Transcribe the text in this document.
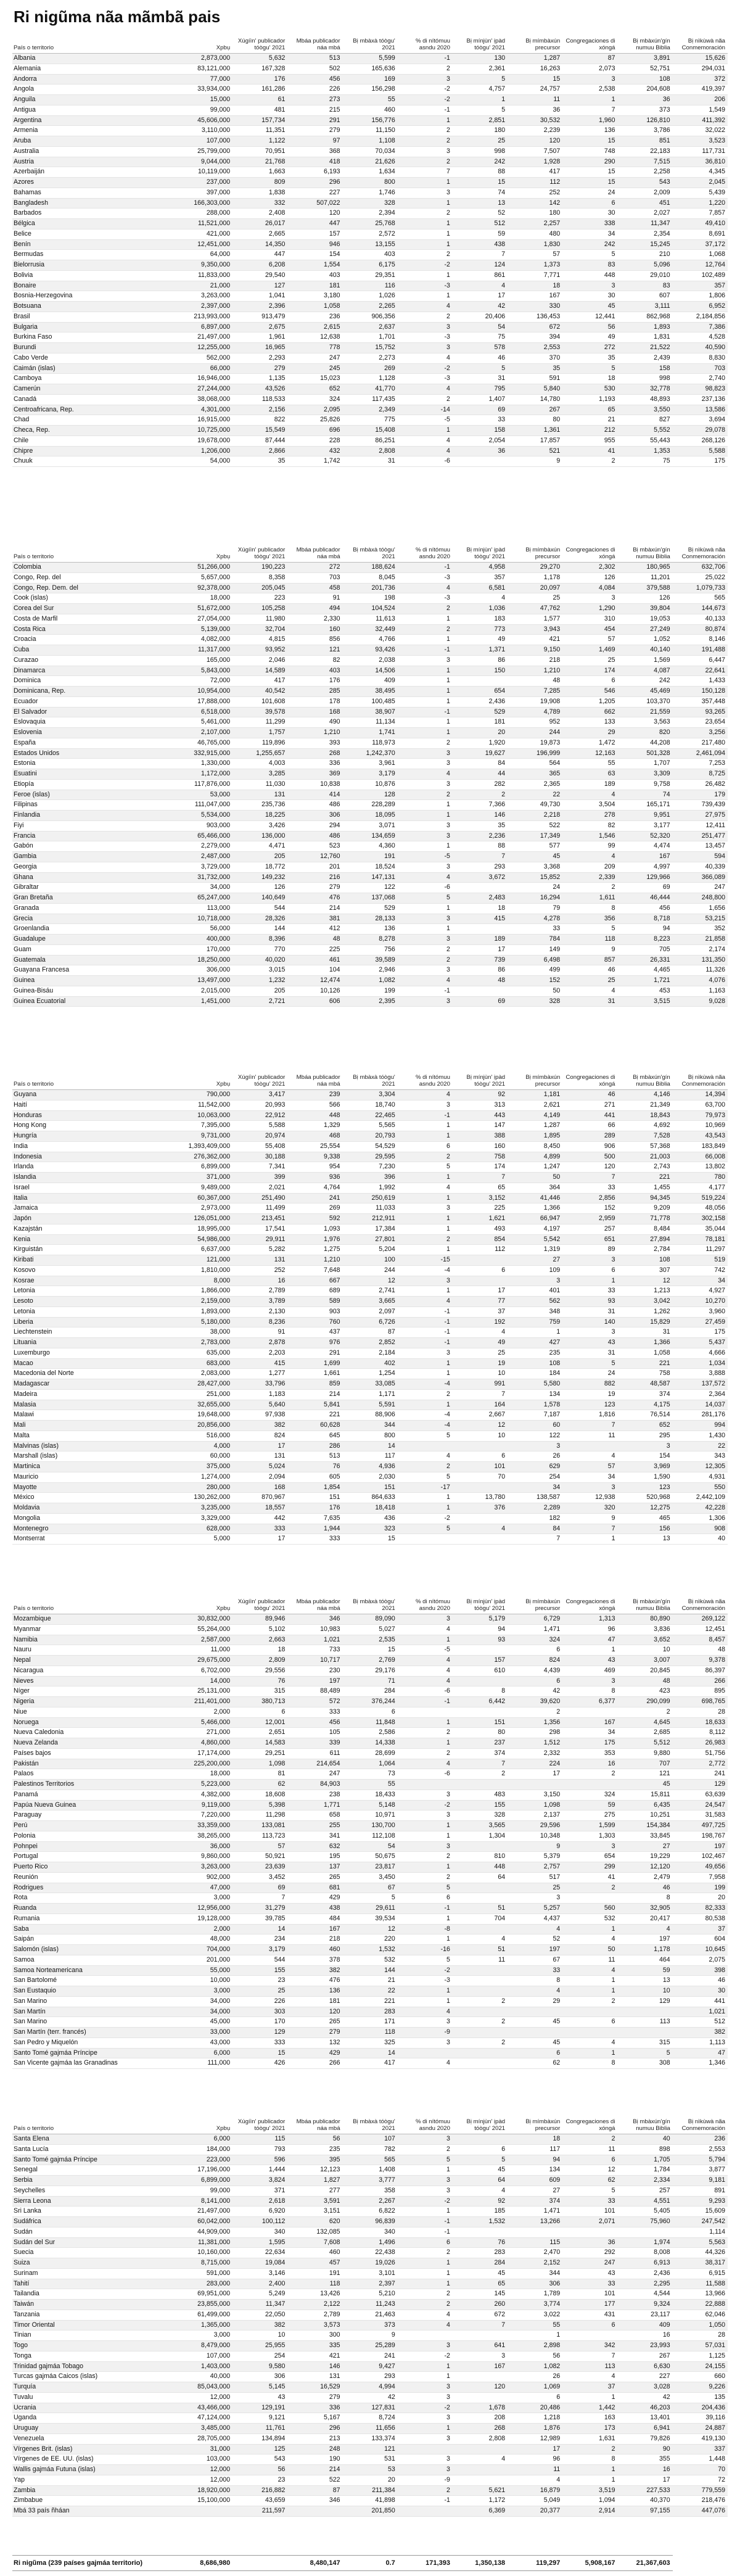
Ri nigũma nãa mãmbã pais
País o territorio	Xpbụ	Xúgíìn' publicador tóògu' 2021	Mbáa publicador náa mbá	Bị mbàxà tóògu' 2021	% di nítómuu asndu 2020	Bị mínjùn' ịpàd tóògu' 2021	Bị mímbàxún precursor	Congregaciones di xóngá	Bị mbàxún'gín numuu Biblia	Bị nìkùwà nãa Conmemoración
Albania	2,873,000	5,632	513	5,599	-1	130	1,287	87	3,891	15,626
Alemania	83,121,000	167,328	502	165,636	2	2,361	16,263	2,073	52,751	294,031
Andorra	77,000	176	456	169	3	5	15	3	108	372
Angola	33,934,000	161,286	226	156,298	-2	4,757	24,757	2,538	204,608	419,397
Anguila	15,000	61	273	55	-2	1	11	1	36	206
Antigua	99,000	481	215	460	-1	5	36	7	373	1,549
Argentina	45,606,000	157,734	291	156,776	1	2,851	30,532	1,960	126,810	411,392
Armenia	3,110,000	11,351	279	11,150	2	180	2,239	136	3,786	32,022
Aruba	107,000	1,122	97	1,108	2	25	120	15	851	3,523
Australia	25,799,000	70,951	368	70,034	3	998	7,507	748	22,183	117,731
Austria	9,044,000	21,768	418	21,626	2	242	1,928	290	7,515	36,810
Azerbaiján	10,119,000	1,663	6,193	1,634	7	88	417	15	2,258	4,345
Azores	237,000	809	296	800	1	15	112	15	543	2,045
Bahamas	397,000	1,838	227	1,746	3	74	252	24	2,009	5,439
Bangladesh	166,303,000	332	507,022	328	1	13	142	6	451	1,220
Barbados	288,000	2,408	120	2,394	2	52	180	30	2,027	7,857
Bélgica	11,521,000	26,017	447	25,768	1	512	2,257	338	11,347	49,410
Belice	421,000	2,665	157	2,572	1	59	480	34	2,354	8,691
Benín	12,451,000	14,350	946	13,155	1	438	1,830	242	15,245	37,172
Bermudas	64,000	447	154	403	2	7	57	5	210	1,068
Bielorrusia	9,350,000	6,208	1,554	6,175	-2	124	1,373	83	5,096	12,764
Bolivia	11,833,000	29,540	403	29,351	1	861	7,771	448	29,010	102,489
Bonaire	21,000	127	181	116	-3	4	18	3	83	357
Bosnia-Herzegovina	3,263,000	1,041	3,180	1,026	1	17	167	30	607	1,806
Botsuana	2,397,000	2,396	1,058	2,265	4	42	330	45	3,111	6,952
Brasil	213,993,000	913,479	236	906,356	2	20,406	136,453	12,441	862,968	2,184,856
Bulgaria	6,897,000	2,675	2,615	2,637	3	54	672	56	1,893	7,386
Burkina Faso	21,497,000	1,961	12,638	1,701	-3	75	394	49	1,831	4,528
Burundi	12,255,000	16,965	778	15,752	3	578	2,553	272	21,522	40,590
Cabo Verde	562,000	2,293	247	2,273	4	46	370	35	2,439	8,830
Caimán (islas)	66,000	279	245	269	-2	5	35	5	158	703
Camboya	16,946,000	1,135	15,023	1,128	-3	31	591	18	998	2,740
Camerún	27,244,000	43,526	652	41,770	4	795	5,840	530	32,778	98,823
Canadá	38,068,000	118,533	324	117,435	2	1,407	14,780	1,193	48,893	237,136
Centroafricana, Rep.	4,301,000	2,156	2,095	2,349	-14	69	267	65	3,550	13,586
Chad	16,915,000	822	25,826	775	-5	33	80	21	827	3,694
Checa, Rep.	10,725,000	15,549	696	15,408	1	158	1,361	212	5,552	29,078
Chile	19,678,000	87,444	228	86,251	4	2,054	17,857	955	55,443	268,126
Chipre	1,206,000	2,866	432	2,808	4	36	521	41	1,353	5,588
Chuuk	54,000	35	1,742	31	-6		9	2	75	175
País o territorio	Xpbụ	Xúgíìn' publicador tóògu' 2021	Mbáa publicador náa mbá	Bị mbàxà tóògu' 2021	% di nítómuu asndu 2020	Bị mínjùn' ịpàd tóògu' 2021	Bị mímbàxún precursor	Congregaciones di xóngá	Bị mbàxún'gín numuu Biblia	Bị nìkùwà nãa Conmemoración
Colombia	51,266,000	190,223	272	188,624	-1	4,958	29,270	2,302	180,965	632,706
Congo, Rep. del	5,657,000	8,358	703	8,045	-3	357	1,178	126	11,201	25,022
Congo, Rep. Dem. del	92,378,000	205,045	458	201,736	4	6,581	20,097	4,084	379,588	1,079,733
Cook (islas)	18,000	223	91	198	-3	4	25	3	126	565
Corea del Sur	51,672,000	105,258	494	104,524	2	1,036	47,762	1,290	39,804	144,673
Costa de Marfil	27,054,000	11,980	2,330	11,613	1	183	1,577	310	19,053	40,133
Costa Rica	5,139,000	32,704	160	32,449	2	773	3,943	454	27,249	80,874
Croacia	4,082,000	4,815	856	4,766	1	49	421	57	1,052	8,146
Cuba	11,317,000	93,952	121	93,426	-1	1,371	9,150	1,469	40,140	191,488
Curazao	165,000	2,046	82	2,038	3	86	218	25	1,569	6,447
Dinamarca	5,843,000	14,589	403	14,506	1	150	1,210	174	4,087	22,641
Dominica	72,000	417	176	409	1		48	6	242	1,433
Dominicana, Rep.	10,954,000	40,542	285	38,495	1	654	7,285	546	45,469	150,128
Ecuador	17,888,000	101,608	178	100,485	1	2,436	19,908	1,205	103,370	357,448
El Salvador	6,518,000	39,578	168	38,907	-1	529	4,789	662	21,559	93,265
Eslovaquia	5,461,000	11,299	490	11,134	1	181	952	133	3,563	23,654
Eslovenia	2,107,000	1,757	1,210	1,741	1	20	244	29	820	3,256
España	46,765,000	119,896	393	118,973	2	1,920	19,873	1,472	44,208	217,480
Estados Unidos	332,915,000	1,255,657	268	1,242,370	3	19,627	196,999	12,163	501,328	2,461,094
Estonia	1,330,000	4,003	336	3,961	3	84	564	55	1,707	7,253
Esuatini	1,172,000	3,285	369	3,179	4	44	365	63	3,309	8,725
Etiopía	117,876,000	11,030	10,838	10,876	3	282	2,365	189	9,758	26,482
Feroe (islas)	53,000	131	414	128	2	2	22	4	74	179
Filipinas	111,047,000	235,736	486	228,289	1	7,366	49,730	3,504	165,171	739,439
Finlandia	5,534,000	18,225	306	18,095	1	146	2,218	278	9,951	27,975
Fiyi	903,000	3,426	294	3,071	3	35	522	82	3,177	12,411
Francia	65,466,000	136,000	486	134,659	3	2,236	17,349	1,546	52,320	251,477
Gabón	2,279,000	4,471	523	4,360	1	88	577	99	4,474	13,457
Gambia	2,487,000	205	12,760	191	-5	7	45	4	167	594
Georgia	3,729,000	18,772	201	18,524	3	293	3,368	209	4,997	40,339
Ghana	31,732,000	149,232	216	147,131	4	3,672	15,852	2,339	129,966	366,089
Gibraltar	34,000	126	279	122	-6		24	2	69	247
Gran Bretaña	65,247,000	140,649	476	137,068	5	2,483	16,294	1,611	46,444	248,800
Granada	113,000	544	214	529	1	18	79	8	456	1,656
Grecia	10,718,000	28,326	381	28,133	3	415	4,278	356	8,718	53,215
Groenlandia	56,000	144	412	136	1		33	5	94	352
Guadalupe	400,000	8,396	48	8,278	3	189	784	118	8,223	21,858
Guam	170,000	770	225	756	2	17	149	9	705	2,174
Guatemala	18,250,000	40,020	461	39,589	2	739	6,498	857	26,331	131,350
Guayana Francesa	306,000	3,015	104	2,946	3	86	499	46	4,465	11,326
Guinea	13,497,000	1,232	12,474	1,082	4	48	152	25	1,721	4,076
Guinea-Bisáu	2,015,000	205	10,126	199	-1		50	4	453	1,163
Guinea Ecuatorial	1,451,000	2,721	606	2,395	3	69	328	31	3,515	9,028
País o territorio	Xpbụ	Xúgíìn' publicador tóògu' 2021	Mbáa publicador náa mbá	Bị mbàxà tóògu' 2021	% di nítómuu asndu 2020	Bị mínjùn' ịpàd tóògu' 2021	Bị mímbàxún precursor	Congregaciones di xóngá	Bị mbàxún'gín numuu Biblia	Bị nìkùwà nãa Conmemoración
Guyana	790,000	3,417	239	3,304	4	92	1,181	46	4,146	14,394
Haití	11,542,000	20,993	566	18,740	3	313	2,621	271	21,349	63,700
Honduras	10,063,000	22,912	448	22,465	-1	443	4,149	441	18,843	79,973
Hong Kong	7,395,000	5,588	1,329	5,565	1	147	1,287	66	4,692	10,969
Hungría	9,731,000	20,974	468	20,793	1	388	1,895	289	7,528	43,543
India	1,393,409,000	55,408	25,554	54,529	6	160	8,450	906	57,368	183,849
Indonesia	276,362,000	30,188	9,338	29,595	2	758	4,899	500	21,003	66,008
Irlanda	6,899,000	7,341	954	7,230	5	174	1,247	120	2,743	13,802
Islandia	371,000	399	936	396	1	7	50	7	221	780
Israel	9,489,000	2,021	4,764	1,992	4	65	364	33	1,455	4,177
Italia	60,367,000	251,490	241	250,619	1	3,152	41,446	2,856	94,345	519,224
Jamaica	2,973,000	11,499	269	11,033	3	225	1,366	152	9,209	48,056
Japón	126,051,000	213,451	592	212,911	1	1,621	66,947	2,959	71,778	302,158
Kazajstán	18,995,000	17,541	1,093	17,384	1	493	4,197	257	8,484	35,044
Kenia	54,986,000	29,911	1,976	27,801	2	854	5,542	651	27,894	78,181
Kirguistán	6,637,000	5,282	1,275	5,204	1	112	1,319	89	2,784	11,297
Kiribati	121,000	131	1,210	100	-15		27	3	108	519
Kosovo	1,810,000	252	7,648	244	-4	6	109	6	307	742
Kosrae	8,000	16	667	12	3		3	1	12	34
Letonia	1,866,000	2,789	689	2,741	1	17	401	33	1,213	4,927
Lesoto	2,159,000	3,789	589	3,665	4	77	562	93	3,042	10,270
Letonia	1,893,000	2,130	903	2,097	-1	37	348	31	1,262	3,960
Liberia	5,180,000	8,236	760	6,726	-1	192	759	140	15,829	27,459
Liechtenstein	38,000	91	437	87	-1	4	1	3	31	175
Lituania	2,783,000	2,878	976	2,852	-1	49	427	43	1,366	5,437
Luxemburgo	635,000	2,203	291	2,184	3	25	235	31	1,058	4,666
Macao	683,000	415	1,699	402	1	19	108	5	221	1,034
Macedonia del Norte	2,083,000	1,277	1,661	1,254	1	10	184	24	758	3,888
Madagascar	28,427,000	33,796	859	33,085	-4	991	5,580	882	48,587	137,572
Madeira	251,000	1,183	214	1,171	2	7	134	19	374	2,364
Malasia	32,655,000	5,640	5,841	5,591	1	164	1,578	123	4,175	14,037
Malawi	19,648,000	97,938	221	88,906	-4	2,667	7,187	1,816	76,514	281,176
Mali	20,856,000	382	60,628	344	-4	12	60	7	652	994
Malta	516,000	824	645	800	5	10	122	11	295	1,430
Malvinas (islas)	4,000	17	286	14			3		3	22
Marshall (islas)	60,000	131	513	117	4	6	26	4	154	343
Martinica	375,000	5,024	76	4,936	2	101	629	57	3,969	12,305
Mauricio	1,274,000	2,094	605	2,030	5	70	254	34	1,590	4,931
Mayotte	280,000	168	1,854	151	-17		34	3	123	550
México	130,262,000	870,967	151	864,633	1	13,780	138,587	12,938	520,968	2,442,109
Moldavia	3,235,000	18,557	176	18,418	1	376	2,289	320	12,275	42,228
Mongolia	3,329,000	442	7,635	436	-2		182	9	465	1,306
Montenegro	628,000	333	1,944	323	5	4	84	7	156	908
Montserrat	5,000	17	333	15			7	1	13	40
País o territorio	Xpbụ	Xúgíìn' publicador tóògu' 2021	Mbáa publicador náa mbá	Bị mbàxà tóògu' 2021	% di nítómuu asndu 2020	Bị mínjùn' ịpàd tóògu' 2021	Bị mímbàxún precursor	Congregaciones di xóngá	Bị mbàxún'gín numuu Biblia	Bị nìkùwà nãa Conmemoración
Mozambique	30,832,000	89,946	346	89,090	3	5,179	6,729	1,313	80,890	269,122
Myanmar	55,264,000	5,102	10,983	5,027	4	94	1,471	96	3,836	12,451
Namibia	2,587,000	2,663	1,021	2,535	1	93	324	47	3,652	8,457
Nauru	11,000	18	733	15	-5		6	1	10	48
Nepal	29,675,000	2,809	10,717	2,769	4	157	824	43	3,007	9,378
Nicaragua	6,702,000	29,556	230	29,176	4	610	4,439	469	20,845	86,397
Nieves	14,000	76	197	71	4		6	3	48	266
Níger	25,131,000	315	88,489	284	-6	8	42	8	423	895
Nigeria	211,401,000	380,713	572	376,244	-1	6,442	39,620	6,377	290,099	698,765
Niue	2,000	6	333	6			2		2	28
Noruega	5,466,000	12,001	456	11,848	1	151	1,356	167	4,645	18,633
Nueva Caledonia	271,000	2,651	105	2,586	2	80	298	34	2,685	8,112
Nueva Zelanda	4,860,000	14,583	339	14,338	1	237	1,512	175	5,512	26,983
Países bajos	17,174,000	29,251	611	28,699	2	374	2,332	353	9,880	51,756
Pakistán	225,200,000	1,098	214,654	1,064	4	7	224	16	707	2,772
Palaos	18,000	81	247	73	-6	2	17	2	121	241
Palestinos Territorios	5,223,000	62	84,903	55					45	129
Panamá	4,382,000	18,608	238	18,433	3	483	3,150	324	15,811	63,639
Papúa Nueva Guinea	9,119,000	5,398	1,771	5,148	-2	155	1,098	59	6,435	24,547
Paraguay	7,220,000	11,298	658	10,971	3	328	2,137	275	10,251	31,583
Perú	33,359,000	133,081	255	130,700	1	3,565	29,596	1,599	154,384	497,725
Polonia	38,265,000	113,723	341	112,108	1	1,304	10,348	1,303	33,845	198,767
Pohnpei	36,000	57	632	54	3		9	3	27	197
Portugal	9,860,000	50,921	195	50,675	2	810	5,379	654	19,229	102,467
Puerto Rico	3,263,000	23,639	137	23,817	1	448	2,757	299	12,120	49,656
Reunión	902,000	3,452	265	3,450	2	64	517	41	2,479	7,958
Rodrigues	47,000	69	681	67	5		25	2	46	199
Rota	3,000	7	429	5	6		3		8	20
Ruanda	12,956,000	31,279	438	29,611	-1	51	5,257	560	32,905	82,333
Rumania	19,128,000	39,785	484	39,534	1	704	4,437	532	20,417	80,538
Saba	2,000	14	167	12	-8		4	1	4	37
Saipán	48,000	234	218	220	1	4	52	4	197	604
Salomón (islas)	704,000	3,179	460	1,532	-16	51	197	50	1,178	10,645
Samoa	201,000	544	378	532	5	11	67	11	464	2,075
Samoa Norteamericana	55,000	155	382	144	-2		33	4	59	398
San Bartolomé	10,000	23	476	21	-3		8	1	13	46
San Eustaquio	3,000	25	136	22	1		4	1	10	30
San Marino	34,000	226	181	221	1	2	29	2	129	441
San Martín	34,000	303	120	283	4					1,021
San Marino	45,000	170	265	171	3	2	45	6	113	512
San Martín (terr. francés)	33,000	129	279	118	-9					382
San Pedro y Miquelón	43,000	333	132	325	3	2	45	4	315	1,113
Santo Tomé gajmáa Príncipe	6,000	15	429	14			6	1	5	47
San Vicente gajmáa las Granadinas	111,000	426	266	417	4		62	8	308	1,346
País o territorio	Xpbụ	Xúgíìn' publicador tóògu' 2021	Mbáa publicador náa mbá	Bị mbàxà tóògu' 2021	% di nítómuu asndu 2020	Bị mínjùn' ịpàd tóògu' 2021	Bị mímbàxún precursor	Congregaciones di xóngá	Bị mbàxún'gín numuu Biblia	Bị nìkùwà nãa Conmemoración
Santa Elena	6,000	115	56	107	3		18	2	40	236
Santa Lucía	184,000	793	235	782	2	6	117	11	898	2,553
Santo Tomé gajmáa Príncipe	223,000	596	395	565	5	5	94	6	1,705	5,794
Senegal	17,196,000	1,444	12,123	1,408	1	45	134	12	1,784	3,877
Serbia	6,899,000	3,824	1,827	3,777	3	64	609	62	2,334	9,181
Seychelles	99,000	371	277	358	3	4	27	5	257	891
Sierra Leona	8,141,000	2,618	3,591	2,267	-2	92	374	33	4,551	9,293
Sri Lanka	21,497,000	6,920	3,151	6,822	1	185	1,471	101	5,405	15,609
Sudáfrica	60,042,000	100,112	620	96,839	-1	1,532	13,266	2,071	75,960	247,542
Sudán	44,909,000	340	132,085	340	-1					1,114
Sudán del Sur	11,381,000	1,595	7,608	1,496	6	76	115	36	1,974	5,563
Suecia	10,160,000	22,634	460	22,438	2	283	2,470	292	8,008	44,326
Suiza	8,715,000	19,084	457	19,026	1	284	2,152	247	6,913	38,317
Surinam	591,000	3,146	191	3,101	1	45	344	43	2,436	6,915
Tahití	283,000	2,400	118	2,397	1	65	306	33	2,295	11,588
Tailandia	69,951,000	5,249	13,426	5,210	2	145	1,789	101	4,544	13,966
Taiwán	23,855,000	11,347	2,122	11,243	2	260	3,774	177	9,324	22,888
Tanzania	61,499,000	22,050	2,789	21,463	4	672	3,022	431	23,117	62,046
Timor Oriental	1,365,000	382	3,573	373	4	7	55	6	409	1,050
Tinian	3,000	10	300	9			1		16	28
Togo	8,479,000	25,955	335	25,289	3	641	2,898	342	23,993	57,031
Tonga	107,000	254	421	241	-2	3	56	7	267	1,125
Trinidad gajmáa Tobago	1,403,000	9,580	146	9,427	1	167	1,082	113	6,630	24,155
Turcas gajmáa Caicos (islas)	40,000	306	131	293	1		26	4	227	660
Turquía	85,043,000	5,145	16,529	4,994	3	120	1,069	37	3,028	9,226
Tuvalu	12,000	43	279	42	3		6	1	42	135
Ucrania	43,466,000	129,191	336	127,831	-2	1,678	20,486	1,442	46,203	204,436
Uganda	47,124,000	9,121	5,167	8,724	3	208	1,218	163	13,401	39,116
Uruguay	3,485,000	11,761	296	11,656	1	268	1,876	173	6,941	24,887
Venezuela	28,705,000	134,894	213	133,374	3	2,808	12,989	1,631	79,826	419,130
Vírgenes Brit. (islas)	31,000	125	248	121			17	2	90	337
Vírgenes de EE. UU. (islas)	103,000	543	190	531	3	4	96	8	355	1,448
Wallis gajmáa Futuna (islas)	12,000	56	214	53	3		11	1	16	70
Yap	12,000	23	522	20	-9		4	1	17	72
Zambia	18,920,000	216,882	87	211,384	2	5,621	16,879	3,519	227,533	779,559
Zimbabue	15,100,000	43,659	346	41,898	-1	1,172	5,049	1,094	40,370	218,476
Mbá 33 país ñháan		211,597		201,850		6,369	20,377	2,914	97,155	447,076
Ri nigũma (239 países gajmáa territorio)	8,686,980		8,480,147	0.7	171,393	1,350,138	119,297	5,908,167	21,367,603
